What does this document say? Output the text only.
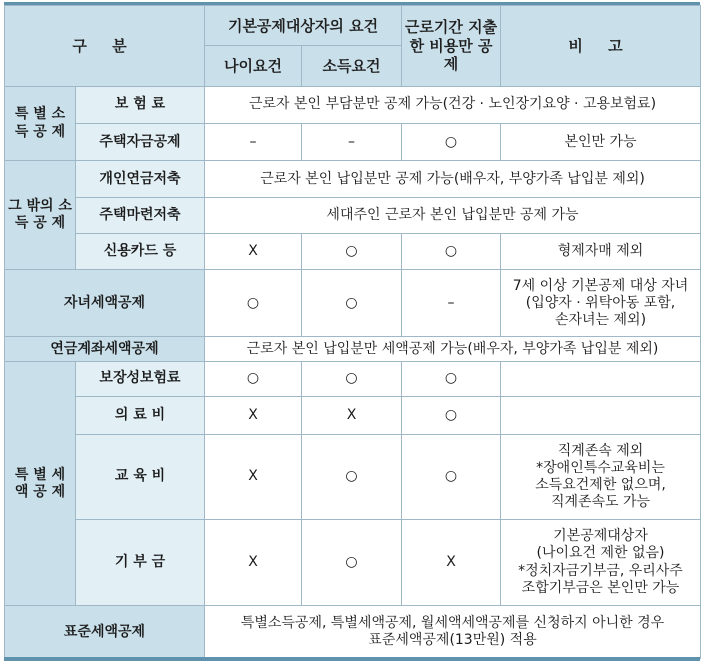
구 분		기본공제대상자의 요건		근로기간 지출한 비용만 공제	비 고
		나이요건	소득요건		
특 별 소 득 공 제	보 험 료	근로자 본인 부담분만 공제 가능(건강 · 노인장기요양 · 고용보험료)			
	주택자금공제	–	–	○	본인만 가능
그 밖의 소 득 공 제	개인연금저축	근로자 본인 납입분만 공제 가능(배우자, 부양가족 납입분 제외)			
	주택마련저축	세대주인 근로자 본인 납입분만 공제 가능			
	신용카드 등	X	○	○	형제자매 제외
자녀세액공제		○	○	–	7세 이상 기본공제 대상 자녀
(입양자 · 위탁아동 포함,
손자녀는 제외)
연금계좌세액공제		근로자 본인 납입분만 세액공제 가능(배우자, 부양가족 납입분 제외)			
특 별 세 액 공 제	보장성보험료	○	○	○	
	의 료 비	X	X	○	
	교 육 비	X	○	○	직계존속 제외
*장애인특수교육비는
소득요건제한 없으며,
직계존속도 가능
	기 부 금	X	○	X	기본공제대상자
(나이요건 제한 없음)
*정치자금기부금, 우리사주
조합기부금은 본인만 가능
표준세액공제		특별소득공제, 특별세액공제, 월세액세액공제를 신청하지 아니한 경우
표준세액공제(13만원) 적용			
